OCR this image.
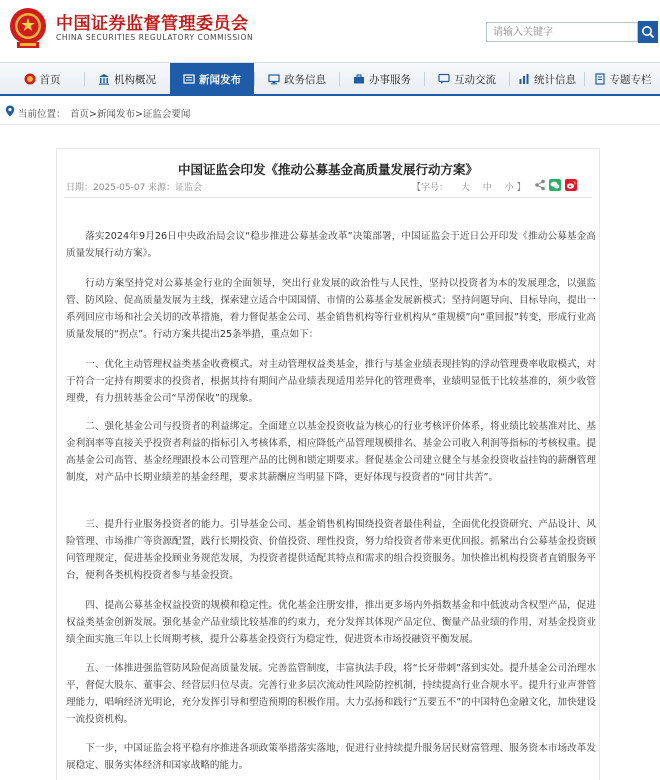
中国证券监督管理委员会
CHINA SECURITIES REGULATORY COMMISSION
请输入关键字
首页	机构概况	新闻发布	政务信息	办事服务	互动交流	统计信息	专题专栏
当前位置： 首页>新闻发布>证监会要闻
中国证监会印发《推动公募基金高质量发展行动方案》
日期：2025-05-07 来源：证监会	【字号： 大 中 小 】

落实2024年9月26日中央政治局会议“稳步推进公募基金改革”决策部署，中国证监会于近日公开印发《推动公募基金高质量发展行动方案》。

行动方案坚持党对公募基金行业的全面领导，突出行业发展的政治性与人民性，坚持以投资者为本的发展理念，以强监管、防风险、促高质量发展为主线，探索建立适合中国国情、市情的公募基金发展新模式；坚持问题导向、目标导向，提出一系列回应市场和社会关切的改革措施，着力督促基金公司、基金销售机构等行业机构从“重规模”向“重回报”转变，形成行业高质量发展的“拐点”。行动方案共提出25条举措，重点如下：

一、优化主动管理权益类基金收费模式。对主动管理权益类基金，推行与基金业绩表现挂钩的浮动管理费率收取模式，对于符合一定持有期要求的投资者，根据其持有期间产品业绩表现适用差异化的管理费率，业绩明显低于比较基准的，须少收管理费，有力扭转基金公司“旱涝保收”的现象。

二、强化基金公司与投资者的利益绑定。全面建立以基金投资收益为核心的行业考核评价体系，将业绩比较基准对比、基金利润率等直接关乎投资者利益的指标引入考核体系，相应降低产品管理规模排名、基金公司收入利润等指标的考核权重。提高基金公司高管、基金经理跟投本公司管理产品的比例和锁定期要求。督促基金公司建立健全与基金投资收益挂钩的薪酬管理制度，对产品中长期业绩差的基金经理，要求其薪酬应当明显下降，更好体现与投资者的“同甘共苦”。

三、提升行业服务投资者的能力。引导基金公司、基金销售机构围绕投资者最佳利益，全面优化投资研究、产品设计、风险管理、市场推广等资源配置，践行长期投资、价值投资、理性投资，努力给投资者带来更优回报。抓紧出台公募基金投资顾问管理规定，促进基金投顾业务规范发展，为投资者提供适配其特点和需求的组合投资服务。加快推出机构投资者直销服务平台，便利各类机构投资者参与基金投资。

四、提高公募基金权益投资的规模和稳定性。优化基金注册安排，推出更多场内外指数基金和中低波动含权型产品，促进权益类基金创新发展。强化基金产品业绩比较基准的约束力，充分发挥其体现产品定位、衡量产品业绩的作用，对基金投资业绩全面实施三年以上长周期考核，提升公募基金投资行为稳定性，促进资本市场投融资平衡发展。

五、一体推进强监管防风险促高质量发展。完善监管制度，丰富执法手段，将“长牙带刺”落到实处。提升基金公司治理水平，督促大股东、董事会、经营层归位尽责。完善行业多层次流动性风险防控机制，持续提高行业合规水平。提升行业声誉管理能力，唱响经济光明论，充分发挥引导和塑造预期的积极作用。大力弘扬和践行“五要五不”的中国特色金融文化，加快建设一流投资机构。

下一步，中国证监会将平稳有序推进各项政策举措落实落地，促进行业持续提升服务居民财富管理、服务资本市场改革发展稳定、服务实体经济和国家战略的能力。
